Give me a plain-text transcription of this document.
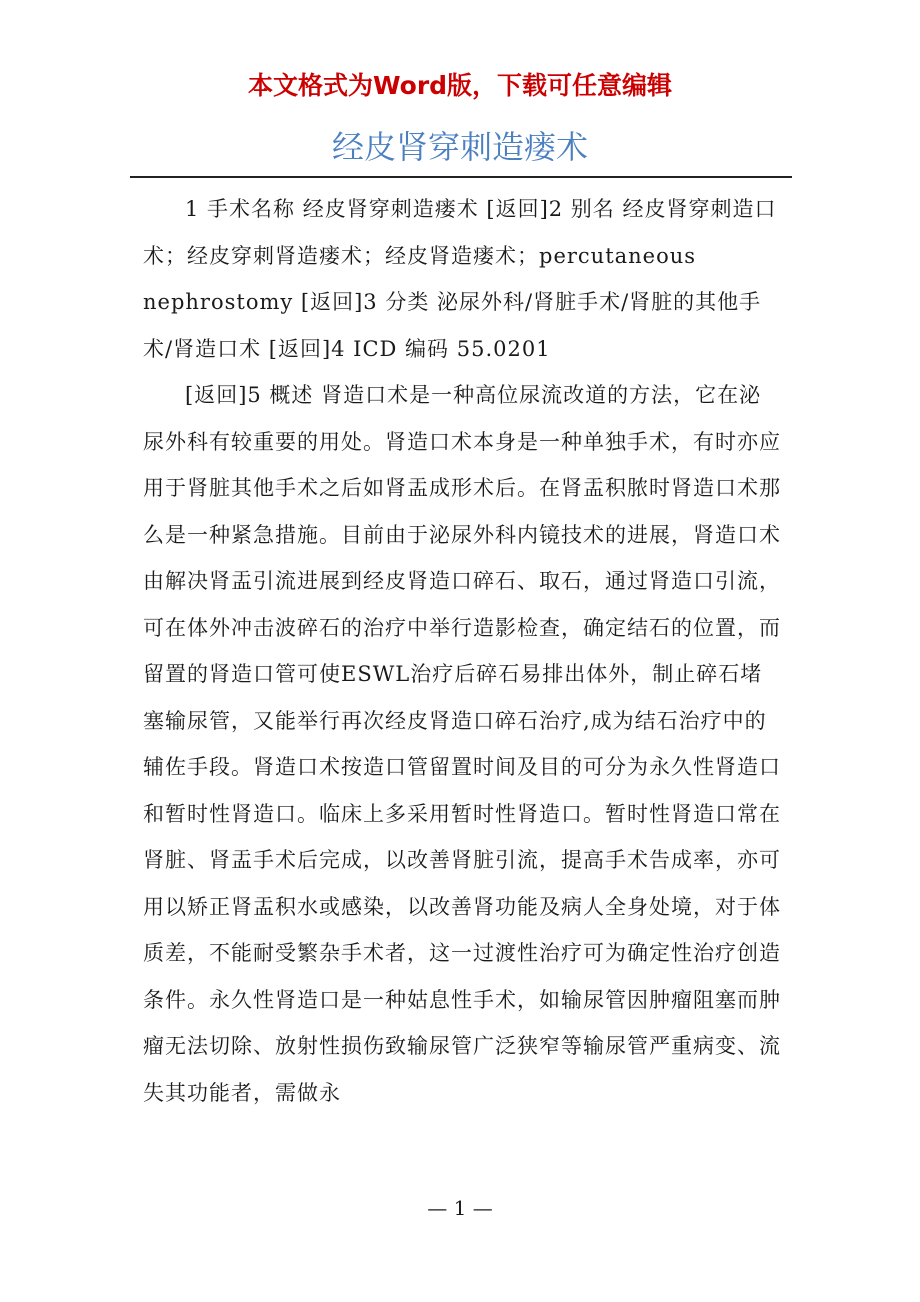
本文格式为Word版，下载可任意编辑
经皮肾穿刺造瘘术

1 手术名称 经皮肾穿刺造瘘术 [返回]2 别名 经皮肾穿刺造口术；经皮穿刺肾造瘘术；经皮肾造瘘术；percutaneous nephrostomy [返回]3 分类 泌尿外科/肾脏手术/肾脏的其他手术/肾造口术 [返回]4 ICD 编码 55.0201

[返回]5 概述 肾造口术是一种高位尿流改道的方法，它在泌尿外科有较重要的用处。肾造口术本身是一种单独手术，有时亦应用于肾脏其他手术之后如肾盂成形术后。在肾盂积脓时肾造口术那么是一种紧急措施。目前由于泌尿外科内镜技术的进展，肾造口术由解决肾盂引流进展到经皮肾造口碎石、取石，通过肾造口引流，可在体外冲击波碎石的治疗中举行造影检查，确定结石的位置，而留置的肾造口管可使ESWL治疗后碎石易排出体外，制止碎石堵塞输尿管，又能举行再次经皮肾造口碎石治疗,成为结石治疗中的辅佐手段。肾造口术按造口管留置时间及目的可分为永久性肾造口和暂时性肾造口。临床上多采用暂时性肾造口。暂时性肾造口常在肾脏、肾盂手术后完成，以改善肾脏引流，提高手术告成率，亦可用以矫正肾盂积水或感染，以改善肾功能及病人全身处境，对于体质差，不能耐受繁杂手术者，这一过渡性治疗可为确定性治疗创造条件。永久性肾造口是一种姑息性手术，如输尿管因肿瘤阻塞而肿瘤无法切除、放射性损伤致输尿管广泛狭窄等输尿管严重病变、流失其功能者，需做永

— 1 —
